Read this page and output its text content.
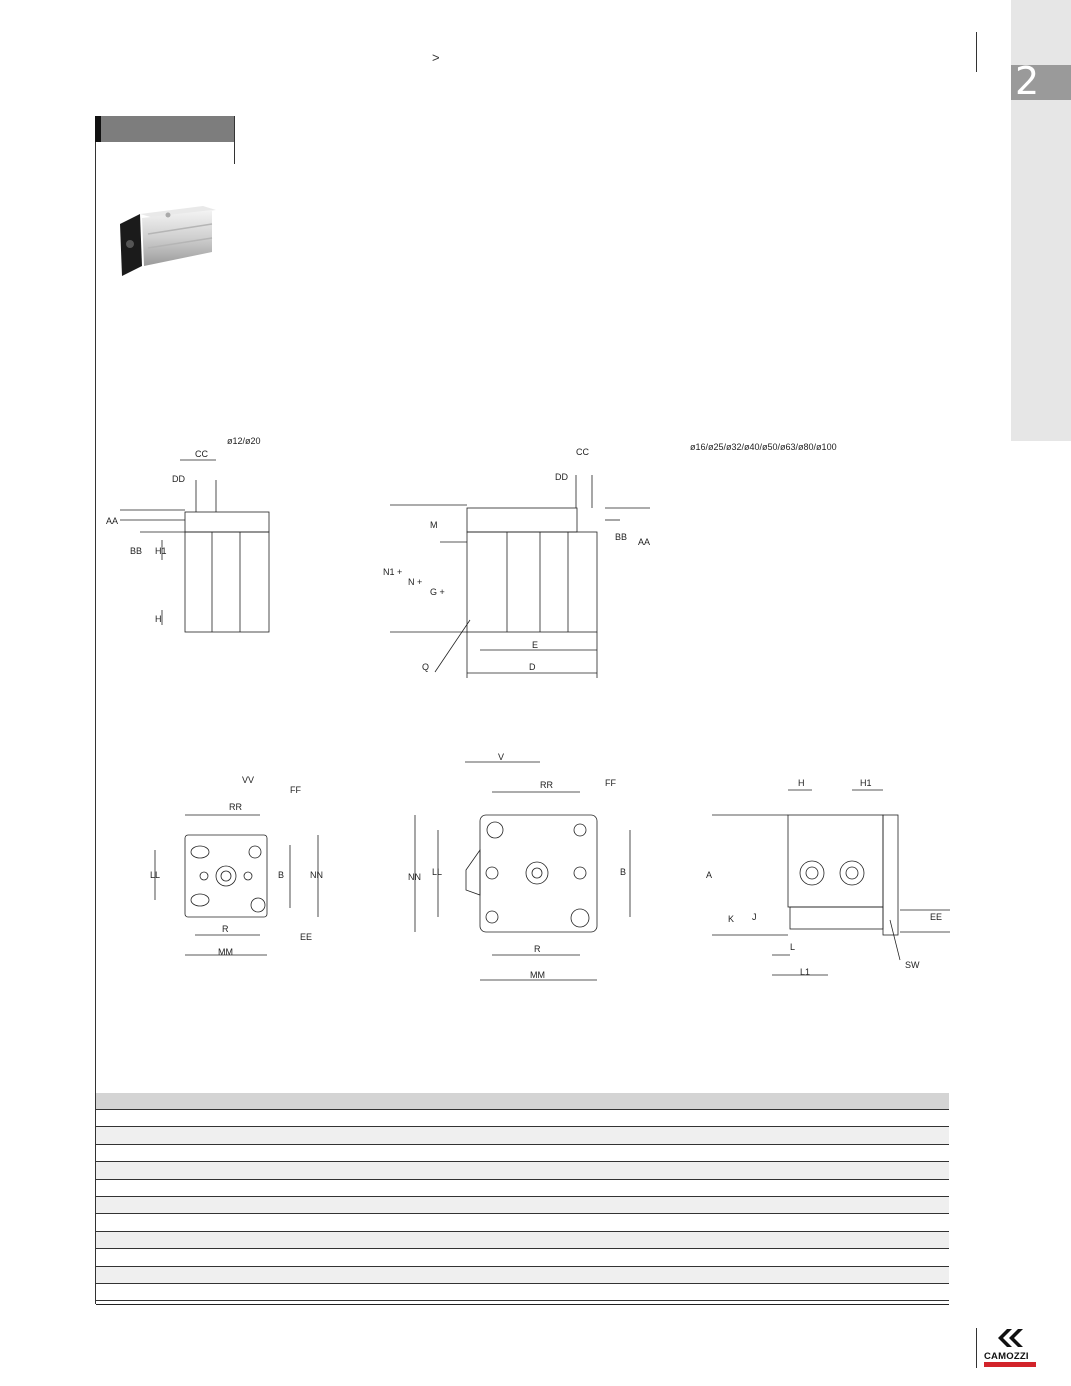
2
>
ø12/ø20
ø16/ø25/ø32/ø40/ø50/ø63/ø80/ø100
CC
DD
AA
BB H1
H
CC
DD
M
N1 +
N +
G +
BB AA
Q
E
D
VV
FF
RR
LL	B	NN
R
MM
EE
V
FF
RR
NN LL	B
R
MM
H	H1
A
K J
L
L1
SW
EE

CAMOZZI
